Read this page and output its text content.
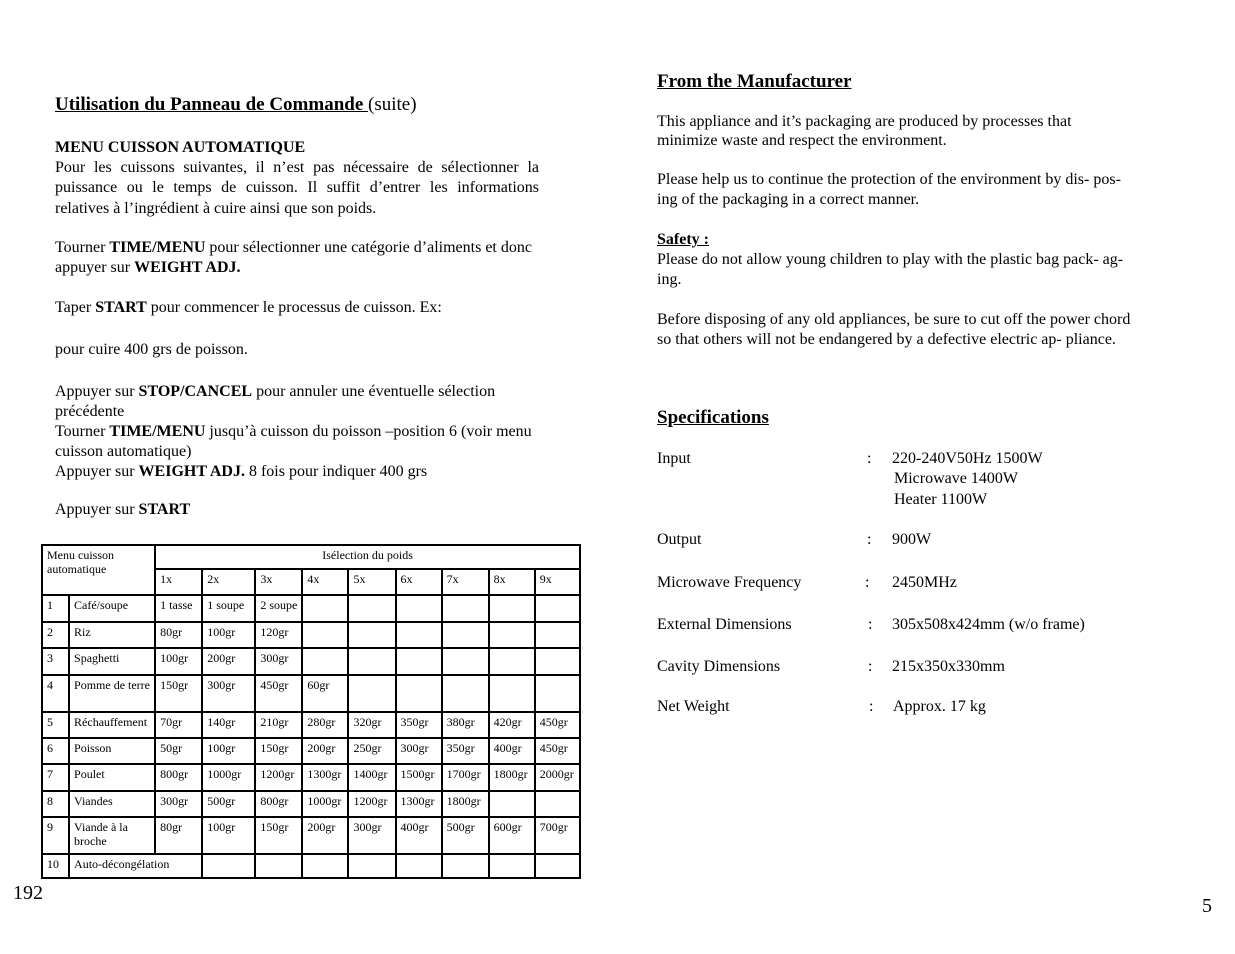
Utilisation du Panneau de Commande (suite)
MENU CUISSON AUTOMATIQUE
Pour les cuissons suivantes, il n’est pas nécessaire de sélectionner la
puissance ou le temps de cuisson. Il suffit d’entrer les informations
relatives à l’ingrédient à cuire ainsi que son poids.
Tourner TIME/MENU pour sélectionner une catégorie d’aliments et donc
appuyer sur WEIGHT ADJ.
Taper START pour commencer le processus de cuisson. Ex:
pour cuire 400 grs de poisson.
Appuyer sur STOP/CANCEL pour annuler une éventuelle sélection
précédente
Tourner TIME/MENU jusqu’à cuisson du poisson –position 6 (voir menu
cuisson automatique)
Appuyer sur WEIGHT ADJ. 8 fois pour indiquer 400 grs
Appuyer sur START
Menu cuisson automatique		Isélection du poids								
		1x	2x	3x	4x	5x	6x	7x	8x	9x
1	Café/soupe	1 tasse	1 soupe	2 soupe						
2	Riz	80gr	100gr	120gr						
3	Spaghetti	100gr	200gr	300gr						
4	Pomme de terre	150gr	300gr	450gr	60gr					
5	Réchauffement	70gr	140gr	210gr	280gr	320gr	350gr	380gr	420gr	450gr
6	Poisson	50gr	100gr	150gr	200gr	250gr	300gr	350gr	400gr	450gr
7	Poulet	800gr	1000gr	1200gr	1300gr	1400gr	1500gr	1700gr	1800gr	2000gr
8	Viandes	300gr	500gr	800gr	1000gr	1200gr	1300gr	1800gr		
9	Viande à la broche	80gr	100gr	150gr	200gr	300gr	400gr	500gr	600gr	700gr
10	Auto-décongélation									
192
From the Manufacturer
This appliance and it’s packaging are produced by processes that
minimize waste and respect the environment.
Please help us to continue the protection of the environment by dis- pos-
ing of the packaging in a correct manner.
Safety :
Please do not allow young children to play with the plastic bag pack- ag-
ing.
Before disposing of any old appliances, be sure to cut off the power chord
so that others will not be endangered by a defective electric ap- pliance.
Specifications
Input	: 220-240V50Hz 1500W
Microwave 1400W
Heater 1100W
Output	: 900W
Microwave Frequency	: 2450MHz
External Dimensions	: 305x508x424mm (w/o frame)
Cavity Dimensions	: 215x350x330mm
Net Weight	: Approx. 17 kg
5
